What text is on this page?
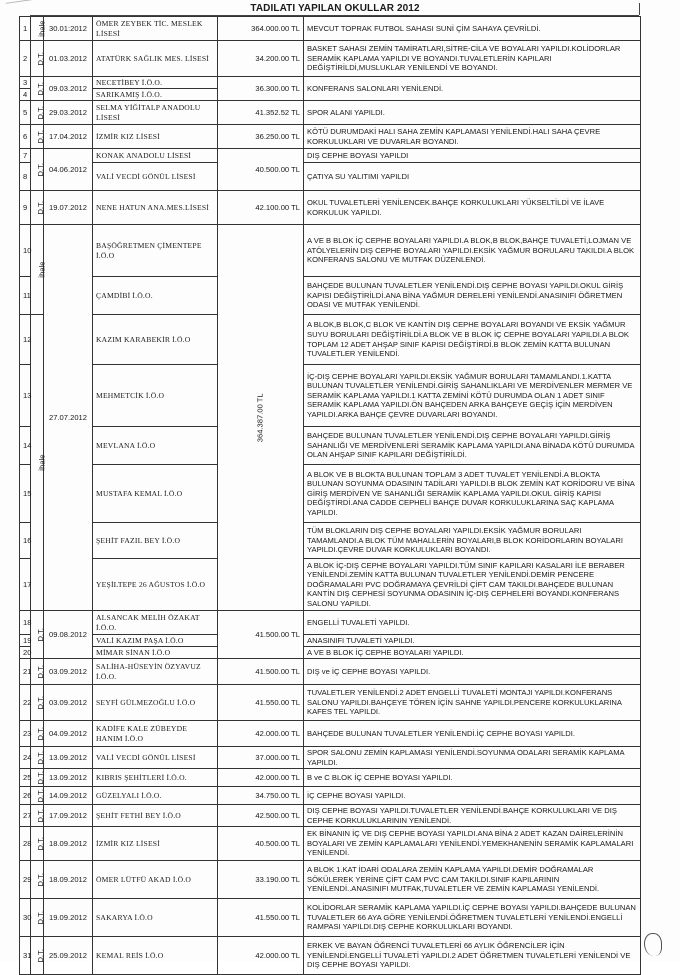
TADILATI YAPILAN OKULLAR 2012
1	İhale	30.01:2012	ÖMER ZEYBEK TİC. MESLEK LİSESİ	364.000.00 TL	MEVCUT TOPRAK FUTBOL SAHASI SUNİ ÇİM SAHAYA ÇEVRİLDİ.
2	D.T.	01.03.2012	ATATÜRK SAĞLIK MES. LİSESİ	34.200.00 TL	BASKET SAHASI ZEMİN TAMİRATLARI,SİTRE-CİLA VE BOYALARI YAPILDI.KOLİDORLAR SERAMİK KAPLAMA YAPILDI VE BOYANDI.TUVALETLERİN KAPILARI DEĞİŞTİRİLDİ,MUSLUKLAR YENİLENDİ VE BOYANDI.
3	D.T.	09.03.2012	NECETİBEY İ.Ö.O.	36.300.00 TL	KONFERANS SALONLARI YENİLENDİ.
4			SARIKAMIŞ İ.Ö.O.		
5	D.T.	29.03.2012	SELMA YİĞİTALP ANADOLU LİSESİ	41.352.52 TL	SPOR ALANI YAPILDI.
6	D.T.	17.04.2012	İZMİR KIZ LİSESİ	36.250.00 TL	KÖTÜ DURUMDAKİ HALI SAHA ZEMİN KAPLAMASI YENİLENDİ.HALI SAHA ÇEVRE KORKULUKLARI VE DUVARLAR BOYANDI.
7	D.T.	04.06.2012	KONAK ANADOLU LİSESİ	40.500.00 TL	DIŞ CEPHE BOYASI YAPILDI
8			VALİ VECDİ GÖNÜL LİSESİ		ÇATIYA SU YALITIMI YAPILDI
9	D.T.	19.07.2012	NENE HATUN ANA.MES.LİSESİ	42.100.00 TL	OKUL TUVALETLERİ YENİLENCEK.BAHÇE KORKULUKLARI YÜKSELTİLDİ VE İLAVE KORKULUK YAPILDI.
10	İhale	27.07.2012	BAŞÖĞRETMEN ÇİMENTEPE İ.Ö.O	364.387.00 TL	A VE B BLOK İÇ CEPHE BOYALARI YAPILDI.A BLOK,B BLOK,BAHÇE TUVALETİ,LOJMAN VE ATÖLYELERİN DIŞ CEPHE BOYALARI YAPILDI.EKSİK YAĞMUR BORULARU TAKILDI.A BLOK KONFERANS SALONU VE MUTFAK DÜZENLENDİ.
11			ÇAMDİBİ İ.Ö.O.		BAHÇEDE BULUNAN TUVALETLER YENİLENDİ.DIŞ CEPHE BOYASI YAPILDI.OKUL GİRİŞ KAPISI DEĞİŞTİRİLDİ.ANA BİNA YAĞMUR DERELERİ YENİLENDİ.ANASINIFI ÖĞRETMEN ODASI VE MUTFAK YENİLENDİ.
12	İhale		KAZIM KARABEKİR İ.Ö.O		A BLOK,B BLOK,C BLOK VE KANTİN DIŞ CEPHE BOYALARI BOYANDI VE EKSİK YAĞMUR SUYU BORULARI DEĞİŞTİRİLDİ.A BLOK VE B BLOK İÇ CEPHE BOYALARI YAPILDI.A BLOK TOPLAM 12 ADET AHŞAP SINIF KAPISI DEĞİŞTİRDİ.B BLOK ZEMİN KATTA BULUNAN TUVALETLER YENİLENDİ.
13			MEHMETCİK İ.Ö.O		İÇ-DIŞ CEPHE BOYALARI YAPILDI.EKSİK YAĞMUR BORULARI TAMAMLANDI.1.KATTA BULUNAN TUVALETLER YENİLENDİ.GİRİŞ SAHANLIKLARI VE MERDİVENLER MERMER VE SERAMİK KAPLAMA YAPILDI.1 KATTA ZEMİNİ KÖTÜ DURUMDA OLAN 1 ADET SINIF SERAMİK KAPLAMA YAPILDI.ÖN BAHÇEDEN ARKA BAHÇEYE GEÇİŞ İÇİN MERDİVEN YAPILDI.ARKA BAHÇE ÇEVRE DUVARLARI BOYANDI.
14			MEVLANA İ.Ö.O		BAHÇEDE BULUNAN TUVALETLER YENİLENDİ.DIŞ CEPHE BOYALARI YAPILDI.GİRİŞ SAHANLIĞI VE MERDİVENLERİ SERAMİK KAPLAMA YAPILDI.ANA BİNADA KÖTÜ DURUMDA OLAN AHŞAP SINIF KAPILARI DEĞİŞTİRİLDİ.
15			MUSTAFA KEMAL İ.Ö.O		A BLOK VE B BLOKTA BULUNAN TOPLAM 3 ADET TUVALET YENİLENDİ.A BLOKTA BULUNAN SOYUNMA ODASININ TADİLARI YAPILDI.B BLOK ZEMİN KAT KORİDORU VE BİNA GİRİŞ MERDİVEN VE SAHANLIĞI SERAMİK KAPLAMA YAPILDI.OKUL GİRİŞ KAPISI DEĞİŞTİRDİ.ANA CADDE CEPHELİ BAHÇE DUVAR KORKULUKLARINA SAÇ KAPLAMA YAPILDI.
16			ŞEHİT FAZIL BEY İ.Ö.O		TÜM BLOKLARIN DIŞ CEPHE BOYALARI YAPILDI.EKSİK YAĞMUR BORULARI TAMAMLANDI.A BLOK TÜM MAHALLERİN BOYALARI,B BLOK KORİDORLARIN BOYALARI YAPILDI.ÇEVRE DUVAR KORKULUKLARI BOYANDI.
17			YEŞİLTEPE 26 AĞUSTOS İ.Ö.O		A BLOK İÇ-DIŞ CEPHE BOYALARI YAPILDI.TÜM SINIF KAPILARI KASALARI İLE BERABER YENİLENDİ.ZEMİN KATTA BULUNAN TUVALETLER YENİLENDİ.DEMİR PENCERE DOĞRAMALARI PVC DOĞRAMAYA ÇEVRİLDİ ÇİFT CAM TAKILDI.BAHÇEDE BULUNAN KANTİN DIŞ CEPHESİ SOYUNMA ODASININ İÇ-DIŞ CEPHELERİ BOYANDI.KONFERANS SALONU YAPILDI.
18	D.T.	09.08.2012	ALSANCAK MELİH ÖZAKAT İ.Ö.O.	41.500.00 TL	ENGELLİ TUVALETİ YAPILDI.
19			VALİ KAZIM PAŞA İ.Ö.O		ANASINIFI TUVALETİ YAPILDI.
20			MİMAR SİNAN İ.Ö.O		A VE B BLOK İÇ CEPHE BOYALARI YAPILDI.
21	D.T.	03.09.2012	SALİHA-HÜSEYİN ÖZYAVUZ İ.Ö.O.	41.500.00 TL	DIŞ ve İÇ CEPHE BOYASI YAPILDI.
22	D.T.	03.09.2012	SEYFİ GÜLMEZOĞLU İ.Ö.O	41.550.00 TL	TUVALETLER YENİLENDİ.2 ADET ENGELLİ TUVALETİ MONTAJI YAPILDI.KONFERANS SALONU YAPILDI.BAHÇEYE TÖREN İÇİN SAHNE YAPILDI.PENCERE KORKULUKLARINA KAFES TEL YAPILDI.
23	D.T.	04.09.2012	KADİFE KALE ZÜBEYDE HANIM İ.Ö.O	42.000.00 TL	BAHÇEDE BULUNAN TUVALETLER YENİLENDİ.İÇ CEPHE BOYASI YAPILDI.
24	D.T.	13.09.2012	VALİ VECDİ GÖNÜL LİSESİ	37.000.00 TL	SPOR SALONU ZEMİN KAPLAMASI YENİLENDİ.SOYUNMA ODALARI SERAMİK KAPLAMA YAPILDI.
25	D.T.	13.09.2012	KIBRIS ŞEHİTLERİ İ.Ö.O.	42.000.00 TL	B ve C BLOK İÇ CEPHE BOYASI YAPILDI.
26	D.T.	14.09.2012	GÜZELYALI İ.Ö.O.	34.750.00 TL	İÇ CEPHE BOYASI YAPILDI.
27	D.T.	17.09.2012	ŞEHİT FETHİ BEY İ.Ö.O	42.500.00 TL	DIŞ CEPHE BOYASI YAPILDI.TUVALETLER YENİLENDİ.BAHÇE KORKULUKLARI VE DIŞ CEPHE KORKULUKLARININ YENİLENDİ.
28	D.T.	18.09.2012	İZMİR KIZ LİSESİ	40.500.00 TL	EK BİNANIN İÇ VE DIŞ CEPHE BOYASI YAPILDI.ANA BİNA 2 ADET KAZAN DAİRELERİNİN BOYALARI VE ZEMİN KAPLAMALARI YENİLENDİ.YEMEKHANENİN SERAMİK KAPLAMALARI YENİLENDİ.
29	D.T.	18.09.2012	ÖMER LÜTFÜ AKAD İ.Ö.O	33.190.00 TL	A BLOK 1.KAT İDARİ ODALARA ZEMİN KAPLAMA YAPILDI.DEMİR DOĞRAMALAR SÖKÜLEREK YERİNE ÇİFT CAM PVC CAM TAKILDI.SINIF KAPILARININ YENİLENDİ..ANASINIFI MUTFAK,TUVALETLER VE ZEMİN KAPLAMASI YENİLENDİ.
30	D.T.	19.09.2012	SAKARYA İ.Ö.O	41.550.00 TL	KOLİDORLAR SERAMİK KAPLAMA YAPILDI.İÇ CEPHE BOYASI YAPILDI.BAHÇEDE BULUNAN TUVALETLER 66 AYA GÖRE YENİLENDİ.ÖĞRETMEN TUVALETLERİ YENİLENDİ.ENGELLİ RAMPASI YAPILDI.DIŞ CEPHE KORKULUKLARI BOYANDI.
31	D.T.	25.09.2012	KEMAL REİS İ.Ö.O	42.000.00 TL	ERKEK VE BAYAN ÖĞRENCİ TUVALETLERİ 66 AYLIK ÖĞRENCİLER İÇİN YENİLENDİ.ENGELLİ TUVALETİ YAPILDI.2 ADET ÖĞRETMEN TUVALETLERİ YENİLENDİ VE DIŞ CEPHE BOYASI YAPILDI.
